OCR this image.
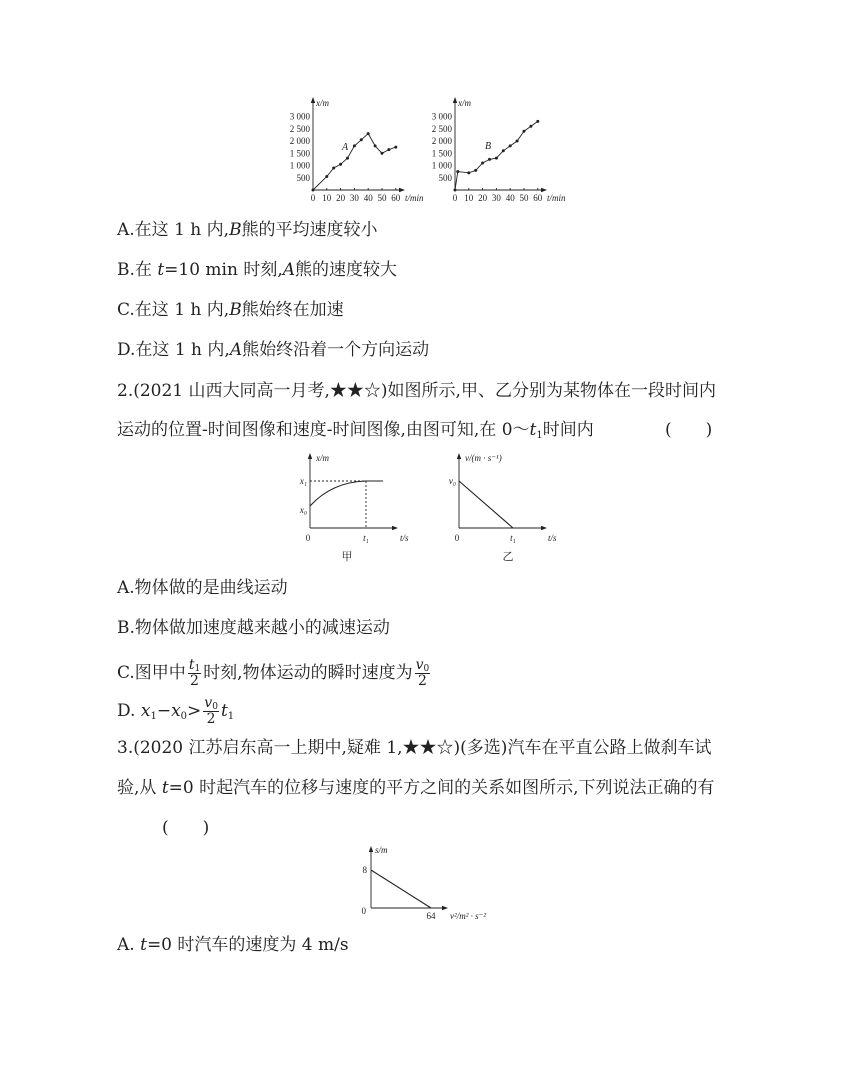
x/m
t/min
A
3 000
2 500
2 000
1 500
1 000
500
0 10 20 30 40 50 60
x/m
t/min
B
3 000
2 500
2 000
1 500
1 000
500
0 10 20 30 40 50 60
A.在这 1 h 内,B熊的平均速度较小
B.在 t=10 min 时刻,A熊的速度较大
C.在这 1 h 内,B熊始终在加速
D.在这 1 h 内,A熊始终沿着一个方向运动
2.(2021 山西大同高一月考,★★☆)如图所示,甲、乙分别为某物体在一段时间内
运动的位置-时间图像和速度-时间图像,由图可知,在 $0\sim t_1$时间内	(　　)
x/m
x₁
x₀
0	t₁	t/s
甲
v/(m · s⁻¹)
v₀
0	t₁	t/s
乙
A.物体做的是曲线运动
B.物体做加速度越来越小的减速运动
C.图甲中 $\frac{t_1}{2}$ 时刻,物体运动的瞬时速度为 $\frac{v_0}{2}$
D. $x_1-x_0> \frac{v_0}{2} t_1$
3.(2020 江苏启东高一上期中,疑难 1,★★☆)(多选)汽车在平直公路上做刹车试
验,从 t=0 时起汽车的位移与速度的平方之间的关系如图所示,下列说法正确的有
(　　)
s/m
8
0	64 v²/m² · s⁻²
A. t=0 时汽车的速度为 4 m/s
